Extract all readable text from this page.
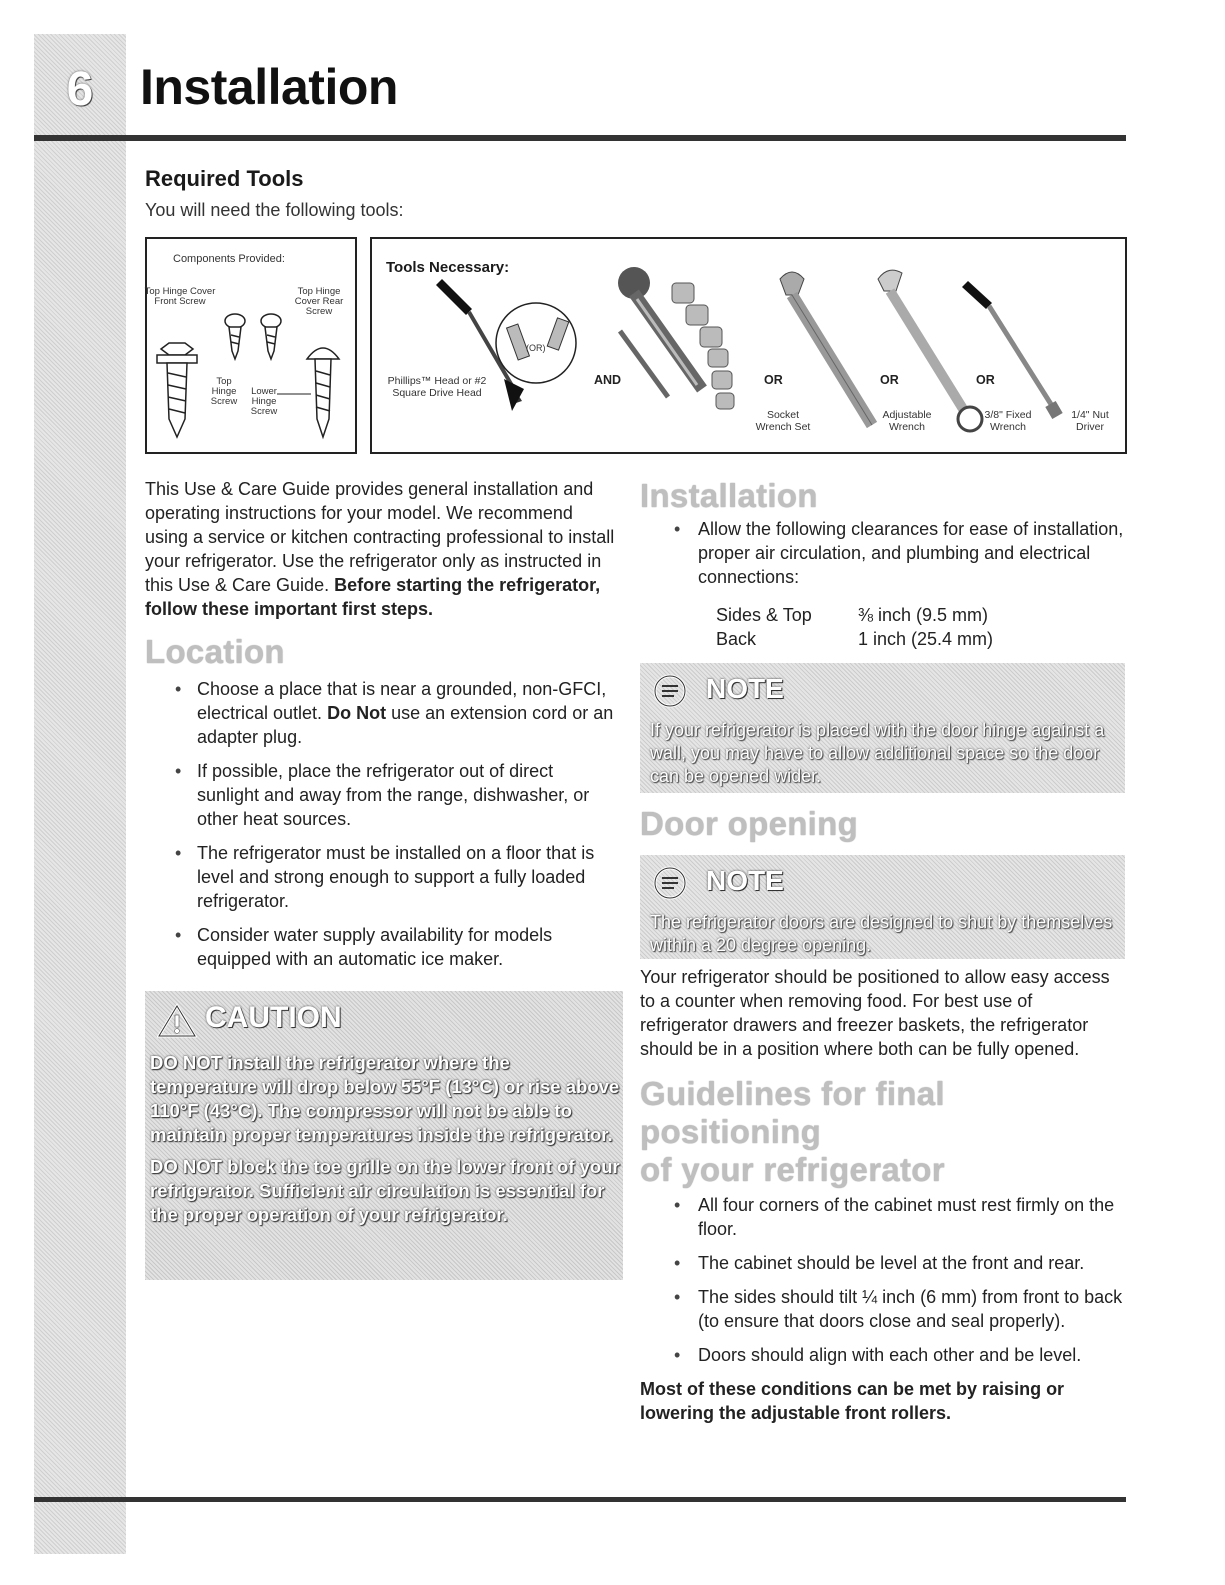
6 Installation
Required Tools
You will need the following tools:
Components Provided:
Top Hinge Cover Front Screw
Top Hinge Cover Rear Screw
Top Hinge Screw
Lower Hinge Screw
Tools Necessary:
(OR)
Phillips™ Head or #2 Square Drive Head
AND	OR	OR	OR
Socket Wrench Set
Adjustable Wrench
3/8" Fixed Wrench
1/4" Nut Driver

This Use & Care Guide provides general installation and operating instructions for your model. We recommend using a service or kitchen contracting professional to install your refrigerator. Use the refrigerator only as instructed in this Use & Care Guide. Before starting the refrigerator, follow these important first steps.

Location
• Choose a place that is near a grounded, non-GFCI, electrical outlet. Do Not use an extension cord or an adapter plug.
• If possible, place the refrigerator out of direct sunlight and away from the range, dishwasher, or other heat sources.
• The refrigerator must be installed on a floor that is level and strong enough to support a fully loaded refrigerator.
• Consider water supply availability for models equipped with an automatic ice maker.
CAUTION

DO NOT install the refrigerator where the temperature will drop below 55°F (13°C) or rise above 110°F (43°C). The compressor will not be able to maintain proper temperatures inside the refrigerator.

DO NOT block the toe grille on the lower front of your refrigerator. Sufficient air circulation is essential for the proper operation of your refrigerator.

Installation
• Allow the following clearances for ease of installation, proper air circulation, and plumbing and electrical connections:
Sides & Top	⅜ inch (9.5 mm)
Back	1 inch (25.4 mm)
NOTE
If your refrigerator is placed with the door hinge against a wall, you may have to allow additional space so the door can be opened wider.
Door opening
NOTE
The refrigerator doors are designed to shut by themselves within a 20 degree opening.

Your refrigerator should be positioned to allow easy access to a counter when removing food. For best use of refrigerator drawers and freezer baskets, the refrigerator should be in a position where both can be fully opened.

Guidelines for final positioning
of your refrigerator
• All four corners of the cabinet must rest firmly on the floor.
• The cabinet should be level at the front and rear.
• The sides should tilt ¼ inch (6 mm) from front to back (to ensure that doors close and seal properly).
• Doors should align with each other and be level.

Most of these conditions can be met by raising or lowering the adjustable front rollers.
